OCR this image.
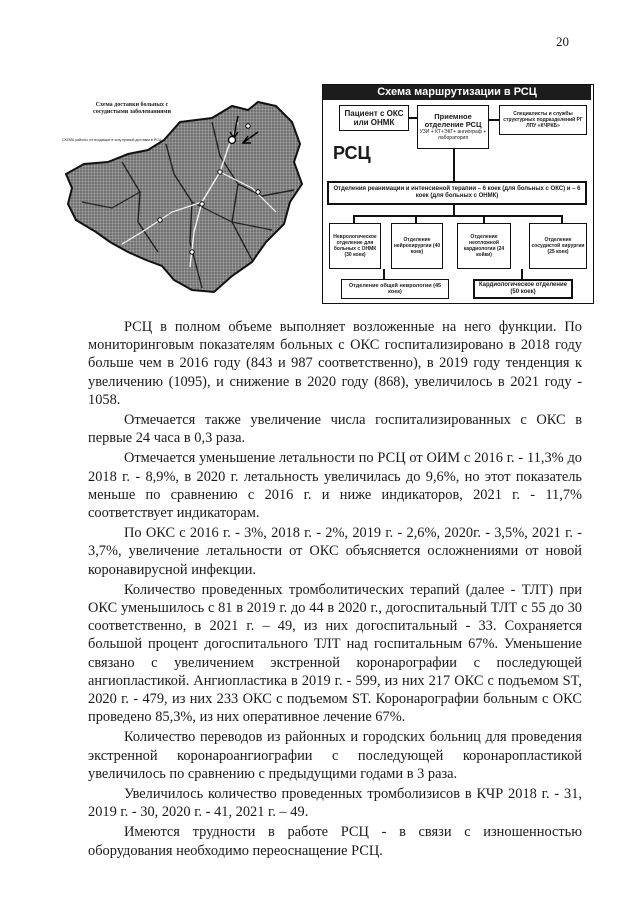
20
Схема доставки больных с сосудистыми заболеваниями
СХЕМА районы, не входящие в зону прямой доставки в РСЦ
Схема маршрутизации в РСЦ
Пациент с ОКС или ОНМК
Приемное отделение РСЦ
УЗИ + КТ+ЭКГ+ ангиограф + лаборатория
Специалисты и службы структурных подразделений РГ ЛПУ «КЧРКБ»
РСЦ
Отделения реанимации и интенсивной терапии – 6 коек (для больных с ОКС) и – 6 коек (для больных с ОНМК)
Неврологическое отделение для больных с ОНМК (30 коек)
Отделение нейрохирургии (40 коек)
Отделение неотложной кардиологии (24 койки)
Отделение сосудистой хирургии (25 коек)
Отделение общей неврологии (45 коек)
Кардиологическое отделение (50 коек)

РСЦ в полном объеме выполняет возложенные на него функции. По мониторинговым показателям больных с ОКС госпитализировано в 2018 году больше чем в 2016 году (843 и 987 соответственно), в 2019 году тенденция к увеличению (1095), и снижение в 2020 году (868), увеличилось в 2021 году - 1058.

Отмечается также увеличение числа госпитализированных с ОКС в первые 24 часа в 0,3 раза.

Отмечается уменьшение летальности по РСЦ от ОИМ с 2016 г. - 11,3% до 2018 г. - 8,9%, в 2020 г. летальность увеличилась до 9,6%, но этот показатель меньше по сравнению с 2016 г. и ниже индикаторов, 2021 г. - 11,7% соответствует индикаторам.

По ОКС с 2016 г. - 3%, 2018 г. - 2%, 2019 г. - 2,6%, 2020г. - 3,5%, 2021 г. - 3,7%, увеличение летальности от ОКС объясняется осложнениями от новой коронавирусной инфекции.

Количество проведенных тромболитических терапий (далее - ТЛТ) при ОКС уменьшилось с 81 в 2019 г. до 44 в 2020 г., догоспитальный ТЛТ с 55 до 30 соответственно, в 2021 г. – 49, из них догоспитальный - 33. Сохраняется большой процент догоспитального ТЛТ над госпитальным 67%. Уменьшение связано с увеличением экстренной коронарографии с последующей ангиопластикой. Ангиопластика в 2019 г. - 599, из них 217 ОКС с подъемом ST, 2020 г. - 479, из них 233 ОКС с подъемом ST. Коронарографии больным с ОКС проведено 85,3%, из них оперативное лечение 67%.

Количество переводов из районных и городских больниц для проведения экстренной коронароангиографии с последующей коронаропластикой увеличилось по сравнению с предыдущими годами в 3 раза.

Увеличилось количество проведенных тромболизисов в КЧР 2018 г. - 31, 2019 г. - 30, 2020 г. - 41, 2021 г. – 49.

Имеются трудности в работе РСЦ - в связи с изношенностью оборудования необходимо переоснащение РСЦ.
